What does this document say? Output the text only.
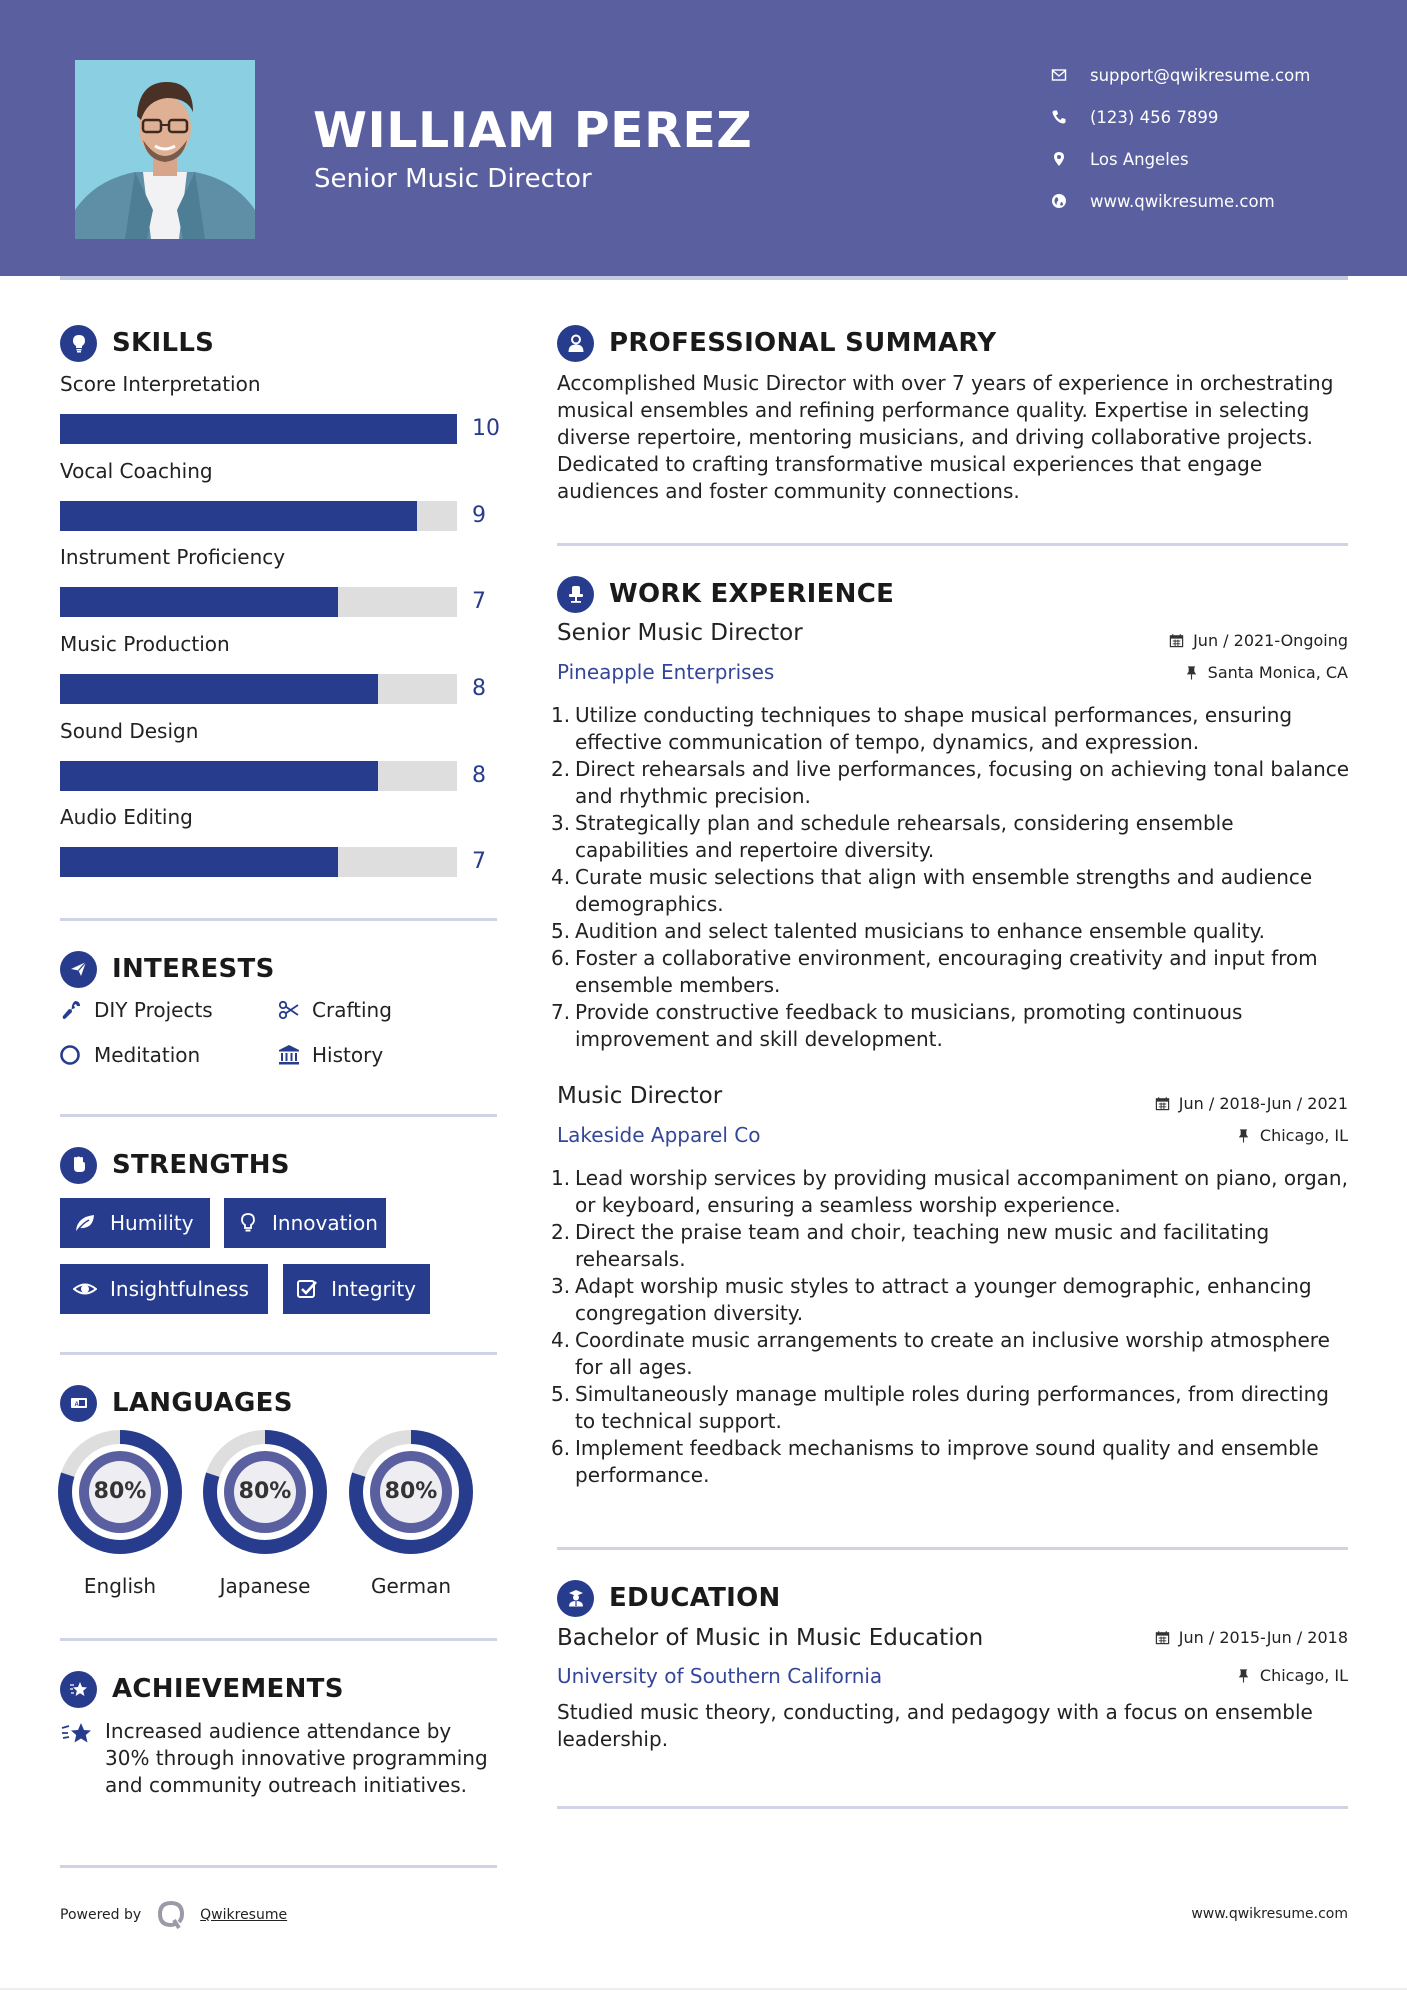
WILLIAM PEREZ
Senior Music Director
support@qwikresume.com
(123) 456 7899
Los Angeles
www.qwikresume.com
SKILLS
Score Interpretation
10
Vocal Coaching
9
Instrument Proficiency
7
Music Production
8
Sound Design
8
Audio Editing
7
INTERESTS
DIY Projects	Crafting
Meditation	History
STRENGTHS
Humility	Innovation
Insightfulness	Integrity
A LANGUAGES
80%
English
80%
Japanese
80%
German
ACHIEVEMENTS
Increased audience attendance by 30% through innovative programming and community outreach initiatives.
PROFESSIONAL SUMMARY
Accomplished Music Director with over 7 years of experience in orchestrating musical ensembles and refining performance quality. Expertise in selecting diverse repertoire, mentoring musicians, and driving collaborative projects. Dedicated to crafting transformative musical experiences that engage audiences and foster community connections.
WORK EXPERIENCE
Senior Music Director	Jun / 2021-Ongoing
Pineapple Enterprises	Santa Monica, CA
1. Utilize conducting techniques to shape musical performances, ensuring effective communication of tempo, dynamics, and expression.
2. Direct rehearsals and live performances, focusing on achieving tonal balance and rhythmic precision.
3. Strategically plan and schedule rehearsals, considering ensemble capabilities and repertoire diversity.
4. Curate music selections that align with ensemble strengths and audience demographics.
5. Audition and select talented musicians to enhance ensemble quality.
6. Foster a collaborative environment, encouraging creativity and input from ensemble members.
7. Provide constructive feedback to musicians, promoting continuous improvement and skill development.
Music Director	Jun / 2018-Jun / 2021
Lakeside Apparel Co	Chicago, IL
1. Lead worship services by providing musical accompaniment on piano, organ, or keyboard, ensuring a seamless worship experience.
2. Direct the praise team and choir, teaching new music and facilitating rehearsals.
3. Adapt worship music styles to attract a younger demographic, enhancing congregation diversity.
4. Coordinate music arrangements to create an inclusive worship atmosphere for all ages.
5. Simultaneously manage multiple roles during performances, from directing to technical support.
6. Implement feedback mechanisms to improve sound quality and ensemble performance.
EDUCATION
Bachelor of Music in Music Education	Jun / 2015-Jun / 2018
University of Southern California	Chicago, IL
Studied music theory, conducting, and pedagogy with a focus on ensemble leadership.
Powered by	Qwikresume	www.qwikresume.com
